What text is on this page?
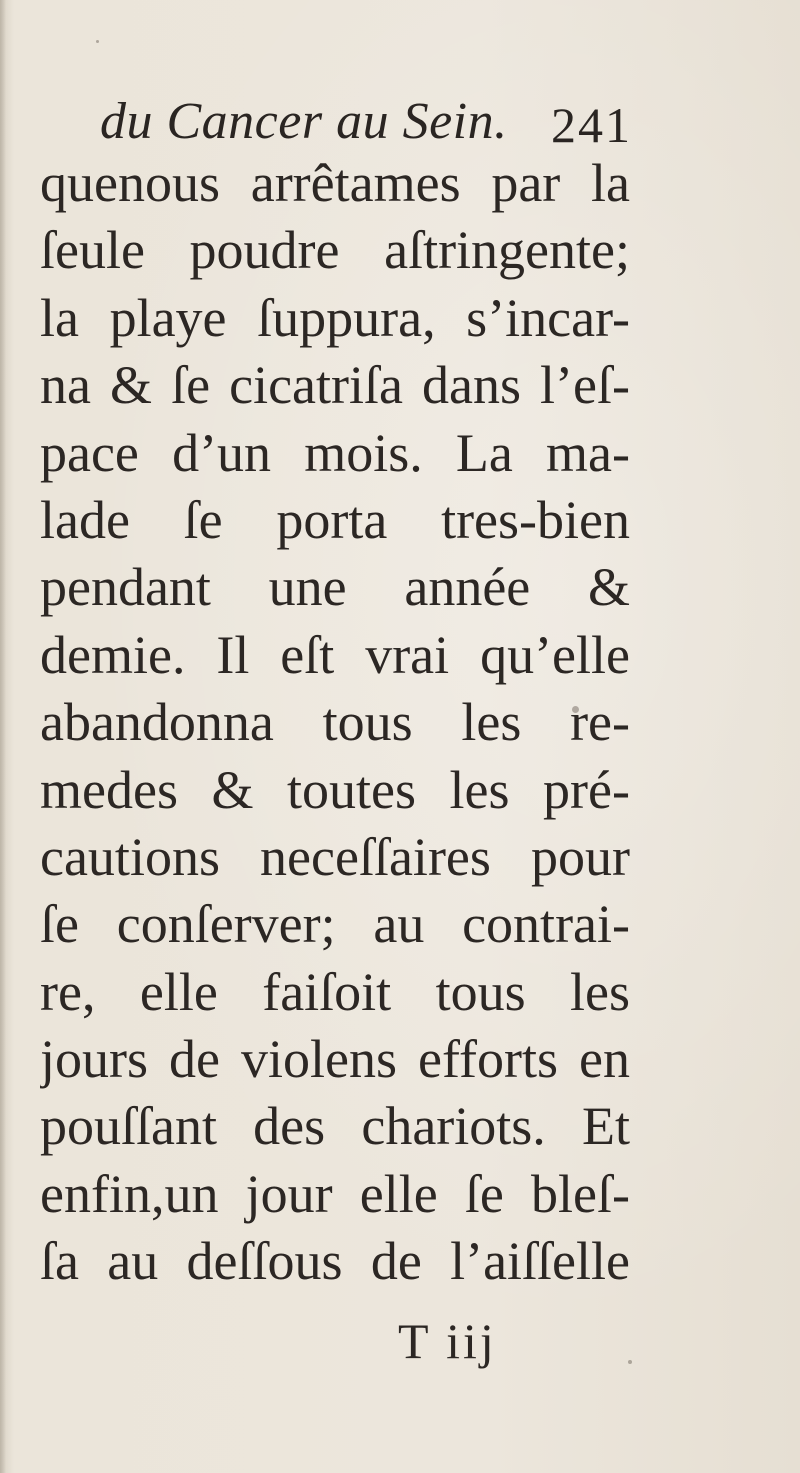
du Cancer au Sein. 241
quenous arrêtames par la
ſeule poudre aſtringente;
la playe ſuppura, s’incar-
na & ſe cicatriſa dans l’eſ-
pace d’un mois. La ma-
lade ſe porta tres-bien
pendant une année &
demie. Il eſt vrai qu’elle
abandonna tous les re-
medes & toutes les pré-
cautions neceſſaires pour
ſe conſerver; au contrai-
re, elle faiſoit tous les
jours de violens efforts en
pouſſant des chariots. Et
enfin,un jour elle ſe bleſ-
ſa au deſſous de l’aiſſelle
T iij
